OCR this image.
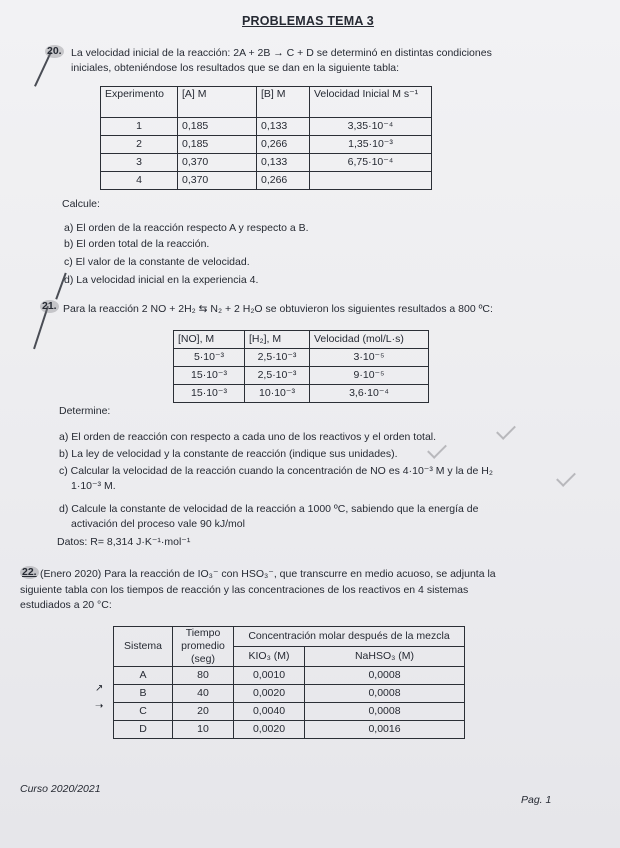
PROBLEMAS TEMA 3
20. La velocidad inicial de la reacción: 2A + 2B → C + D se determinó en distintas condiciones
iniciales, obteniéndose los resultados que se dan en la siguiente tabla:
Experimento	[A] M	[B] M	Velocidad Inicial M s⁻¹
1	0,185	0,133	3,35·10⁻⁴
2	0,185	0,266	1,35·10⁻³
3	0,370	0,133	6,75·10⁻⁴
4	0,370	0,266	
Calcule:
a) El orden de la reacción respecto A y respecto a B.
b) El orden total de la reacción.
c) El valor de la constante de velocidad.
d) La velocidad inicial en la experiencia 4.
21. Para la reacción 2 NO + 2H₂ ⇆ N₂ + 2 H₂O se obtuvieron los siguientes resultados a 800 ºC:
[NO], M	[H₂], M	Velocidad (mol/L·s)
5·10⁻³	2,5·10⁻³	3·10⁻⁵
15·10⁻³	2,5·10⁻³	9·10⁻⁵
15·10⁻³	10·10⁻³	3,6·10⁻⁴
Determine:
a) El orden de reacción con respecto a cada uno de los reactivos y el orden total.
b) La ley de velocidad y la constante de reacción (indique sus unidades).
c) Calcular la velocidad de la reacción cuando la concentración de NO es 4·10⁻³ M y la de H₂
1·10⁻³ M.
d) Calcule la constante de velocidad de la reacción a 1000 ºC, sabiendo que la energía de
activación del proceso vale 90 kJ/mol
Datos: R= 8,314 J·K⁻¹·mol⁻¹
22. (Enero 2020) Para la reacción de IO₃⁻ con HSO₃⁻, que transcurre en medio acuoso, se adjunta la
siguiente tabla con los tiempos de reacción y las concentraciones de los reactivos en 4 sistemas
estudiados a 20 °C:
Sistema	Tiempo promedio (seg)	Concentración molar después de la mezcla	
		KIO₃ (M)	NaHSO₃ (M)
A	80	0,0010	0,0008
B	40	0,0020	0,0008
C	20	0,0040	0,0008
D	10	0,0020	0,0016
↗
➝
Curso 2020/2021
Pag. 1
